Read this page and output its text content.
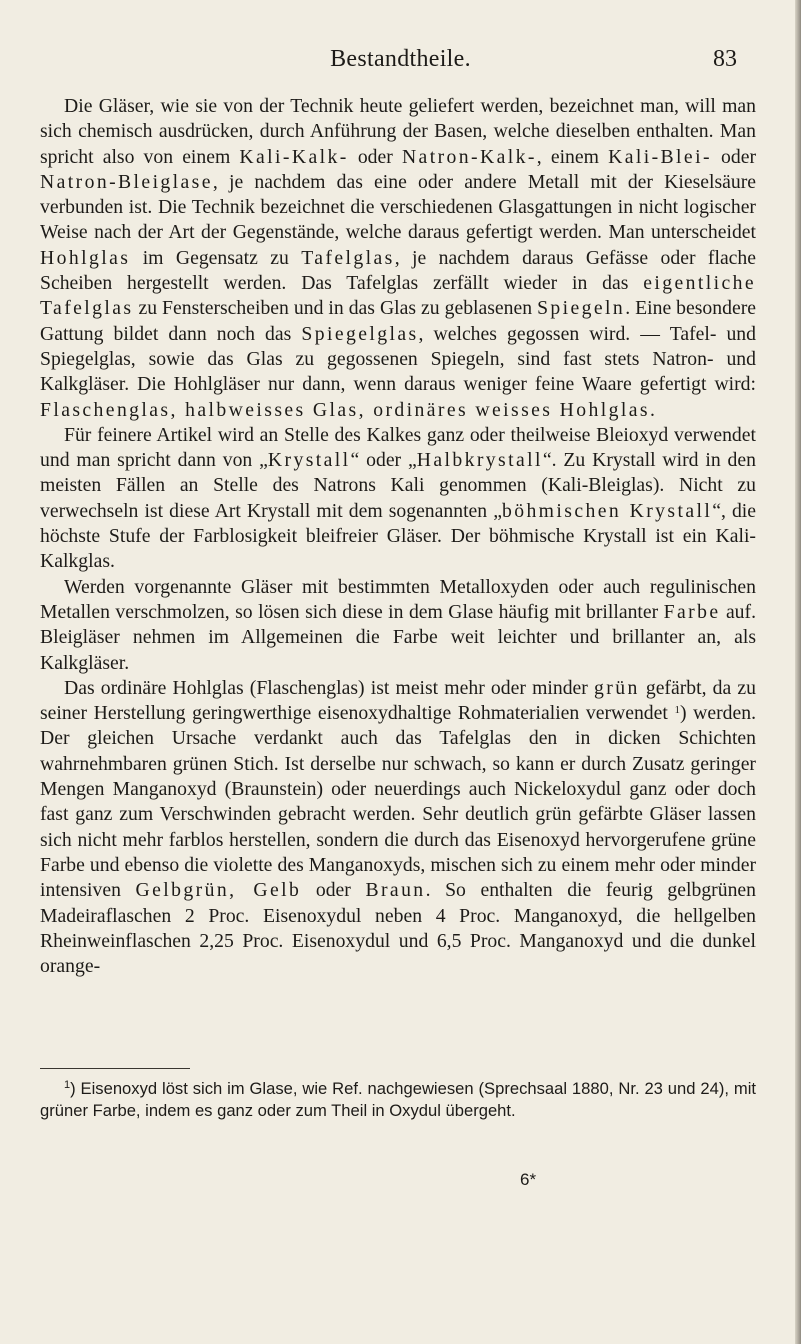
Bestandtheile.	83

Die Gläser, wie sie von der Technik heute geliefert werden, bezeichnet man, will man sich chemisch ausdrücken, durch Anführung der Basen, welche dieselben enthalten. Man spricht also von einem Kali-Kalk- oder Natron-Kalk-, einem Kali-Blei- oder Natron-Bleiglase, je nachdem das eine oder andere Metall mit der Kieselsäure verbunden ist. Die Technik bezeichnet die verschiedenen Glasgattungen in nicht logischer Weise nach der Art der Gegenstände, welche daraus gefertigt werden. Man unterscheidet Hohlglas im Gegensatz zu Tafelglas, je nachdem daraus Gefässe oder flache Scheiben hergestellt werden. Das Tafelglas zerfällt wieder in das eigentliche Tafelglas zu Fensterscheiben und in das Glas zu geblasenen Spiegeln. Eine besondere Gattung bildet dann noch das Spiegelglas, welches gegossen wird. — Tafel- und Spiegelglas, sowie das Glas zu gegossenen Spiegeln, sind fast stets Natron- und Kalkgläser. Die Hohlgläser nur dann, wenn daraus weniger feine Waare gefertigt wird: Flaschenglas, halbweisses Glas, ordinäres weisses Hohlglas.

Für feinere Artikel wird an Stelle des Kalkes ganz oder theilweise Bleioxyd verwendet und man spricht dann von „Krystall“ oder „Halbkrystall“. Zu Krystall wird in den meisten Fällen an Stelle des Natrons Kali genommen (Kali-Bleiglas). Nicht zu verwechseln ist diese Art Krystall mit dem sogenannten „böhmischen Krystall“, die höchste Stufe der Farblosigkeit bleifreier Gläser. Der böhmische Krystall ist ein Kali-Kalkglas.

Werden vorgenannte Gläser mit bestimmten Metalloxyden oder auch regulinischen Metallen verschmolzen, so lösen sich diese in dem Glase häufig mit brillanter Farbe auf. Bleigläser nehmen im Allgemeinen die Farbe weit leichter und brillanter an, als Kalkgläser.

Das ordinäre Hohlglas (Flaschenglas) ist meist mehr oder minder grün gefärbt, da zu seiner Herstellung geringwerthige eisenoxydhaltige Rohmaterialien verwendet $^1$) werden. Der gleichen Ursache verdankt auch das Tafelglas den in dicken Schichten wahrnehmbaren grünen Stich. Ist derselbe nur schwach, so kann er durch Zusatz geringer Mengen Manganoxyd (Braunstein) oder neuerdings auch Nickeloxydul ganz oder doch fast ganz zum Verschwinden gebracht werden. Sehr deutlich grün gefärbte Gläser lassen sich nicht mehr farblos herstellen, sondern die durch das Eisenoxyd hervorgerufene grüne Farbe und ebenso die violette des Manganoxyds, mischen sich zu einem mehr oder minder intensiven Gelbgrün, Gelb oder Braun. So enthalten die feurig gelbgrünen Madeiraflaschen 2 Proc. Eisenoxydul neben 4 Proc. Manganoxyd, die hellgelben Rheinweinflaschen 2,25 Proc. Eisenoxydul und 6,5 Proc. Manganoxyd und die dunkel orange-

$^1$) Eisenoxyd löst sich im Glase, wie Ref. nachgewiesen (Sprechsaal 1880, Nr. 23 und 24), mit grüner Farbe, indem es ganz oder zum Theil in Oxydul übergeht.

6*
